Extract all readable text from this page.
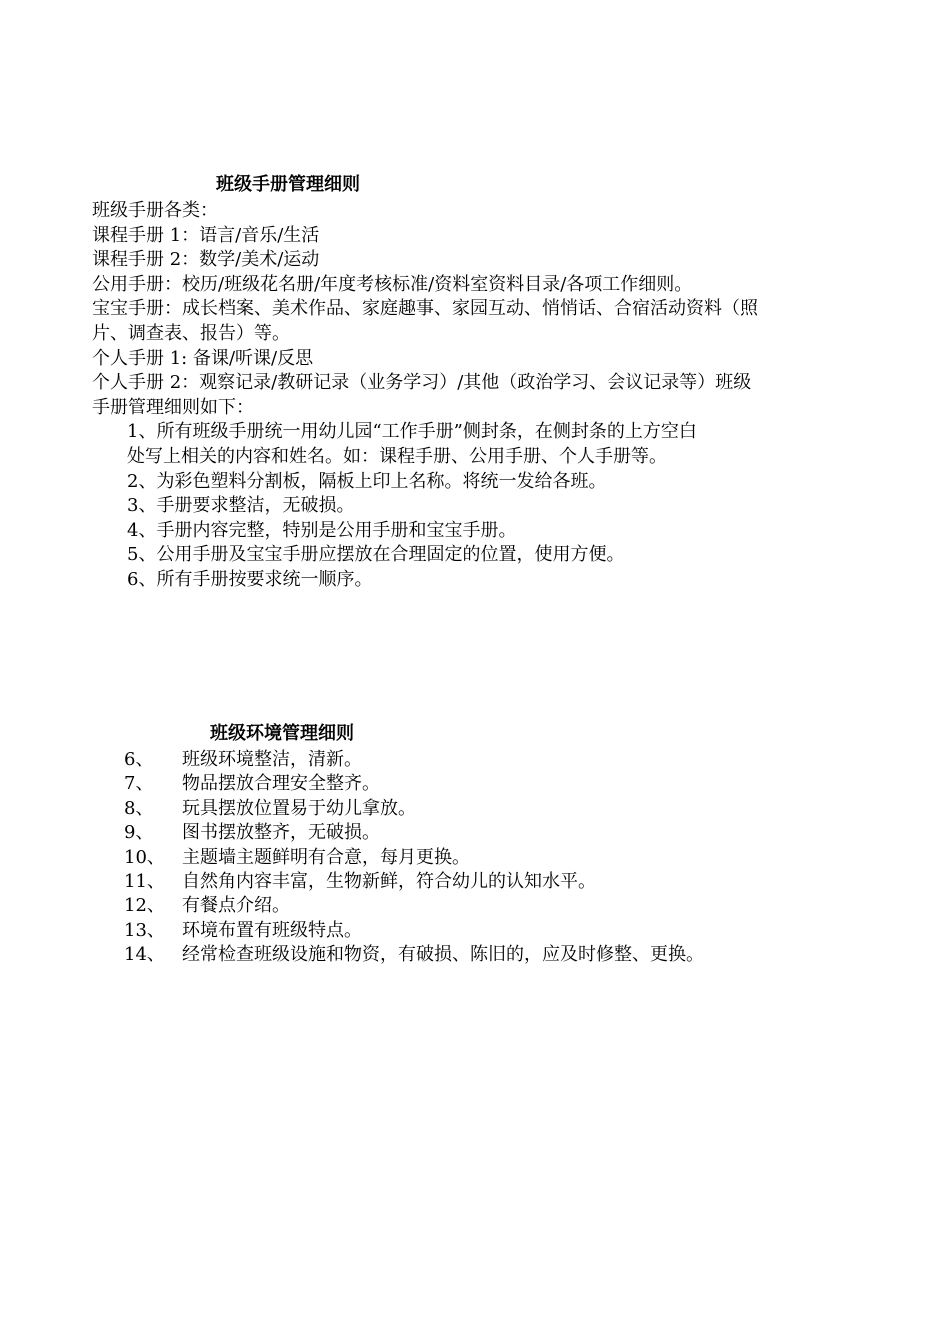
班级手册管理细则
班级手册各类：
课程手册 1：语言/音乐/生活
课程手册 2：数学/美术/运动
公用手册：校历/班级花名册/年度考核标准/资料室资料目录/各项工作细则。
宝宝手册：成长档案、美术作品、家庭趣事、家园互动、悄悄话、合宿活动资料（照
片、调查表、报告）等。
个人手册 1: 备课/听课/反思
个人手册 2：观察记录/教研记录（业务学习）/其他（政治学习、会议记录等）班级
手册管理细则如下：
1、所有班级手册统一用幼儿园“工作手册”侧封条，在侧封条的上方空白
处写上相关的内容和姓名。如：课程手册、公用手册、个人手册等。
2、为彩色塑料分割板，隔板上印上名称。将统一发给各班。
3、手册要求整洁，无破损。
4、手册内容完整，特别是公用手册和宝宝手册。
5、公用手册及宝宝手册应摆放在合理固定的位置，使用方便。
6、所有手册按要求统一顺序。
班级环境管理细则
6、	班级环境整洁，清新。
7、	物品摆放合理安全整齐。
8、	玩具摆放位置易于幼儿拿放。
9、	图书摆放整齐，无破损。
10、 主题墙主题鲜明有合意，每月更换。
11、 自然角内容丰富，生物新鲜，符合幼儿的认知水平。
12、 有餐点介绍。
13、 环境布置有班级特点。
14、 经常检查班级设施和物资，有破损、陈旧的，应及时修整、更换。
